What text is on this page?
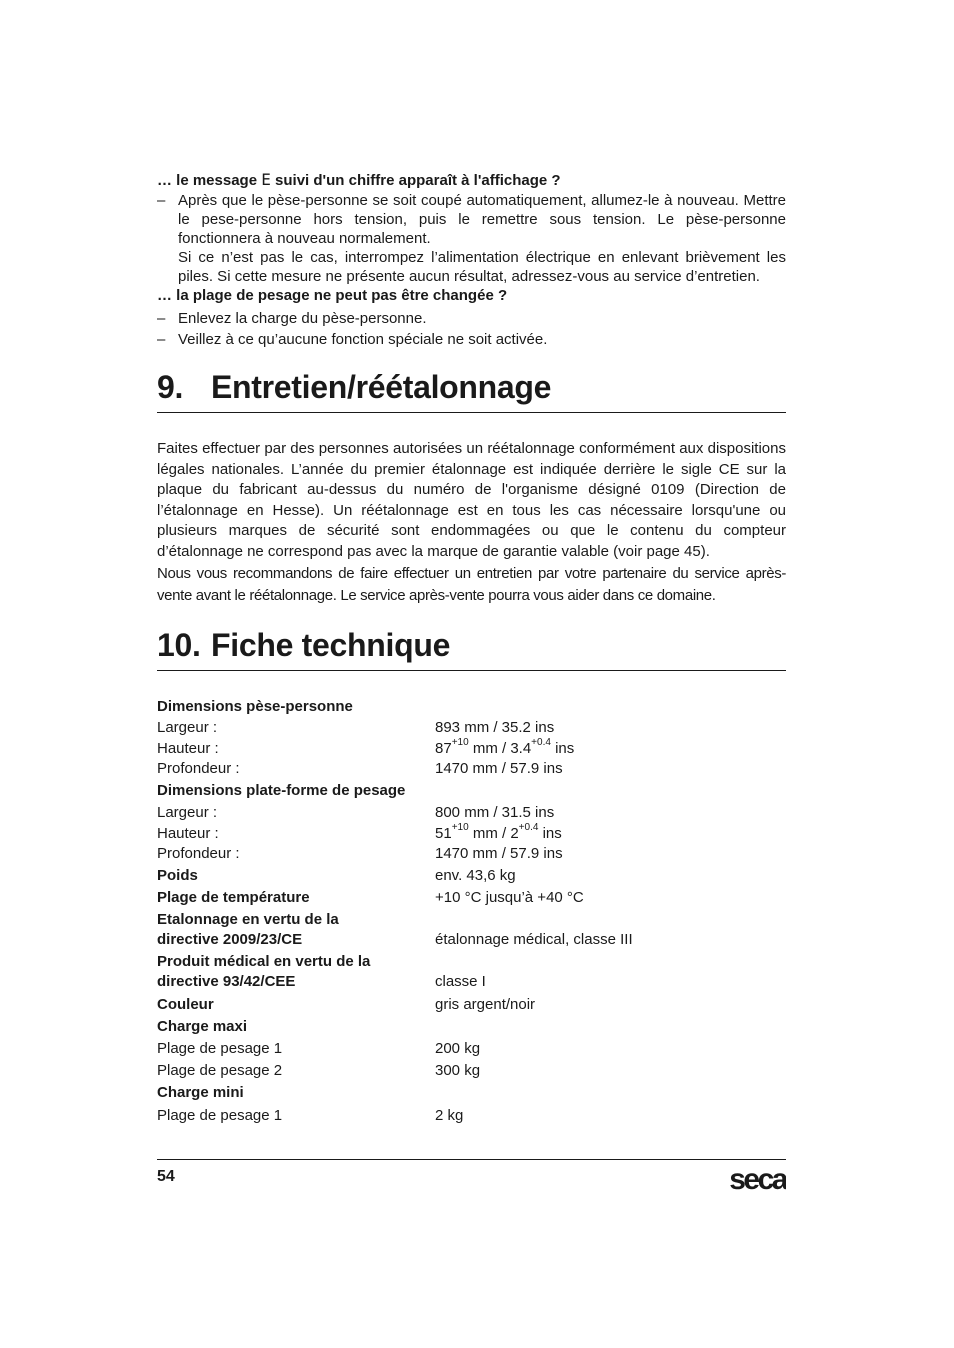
… le message E suivi d'un chiffre apparaît à l'affichage ?

– Après que le pèse-personne se soit coupé automatiquement, allumez-le à nouveau. Mettre le pese-personne hors tension, puis le remettre sous tension. Le pèse-personne fonctionnera à nouveau normalement.
Si ce n’est pas le cas, interrompez l’alimentation électrique en enlevant brièvement les piles. Si cette mesure ne présente aucun résultat, adressez-vous au service d’entretien.

… la plage de pesage ne peut pas être changée ?

– Enlevez la charge du pèse-personne.
– Veillez à ce qu’aucune fonction spéciale ne soit activée.
9. Entretien/réétalonnage

Faites effectuer par des personnes autorisées un réétalonnage conformément aux dispositions légales nationales. L’année du premier étalonnage est indiquée derrière le sigle CE sur la plaque du fabricant au-dessus du numéro de l'organisme désigné 0109 (Direction de l’étalonnage en Hesse). Un réétalonnage est en tous les cas nécessaire lorsqu'une ou plusieurs marques de sécurité sont endommagées ou que le contenu du compteur d’étalonnage ne correspond pas avec la marque de garantie valable (voir page 45).

Nous vous recommandons de faire effectuer un entretien par votre partenaire du service après-vente avant le réétalonnage. Le service après-vente pourra vous aider dans ce domaine.

10. Fiche technique
Dimensions pèse-personne	
Largeur :	893 mm / 35.2 ins
Hauteur :	$87^{+10}$ mm / $3.4^{+0.4}$ ins
Profondeur :	1470 mm / 57.9 ins
Dimensions plate-forme de pesage	
Largeur :	800 mm / 31.5 ins
Hauteur :	$51^{+10}$ mm / $2^{+0.4}$ ins
Profondeur :	1470 mm / 57.9 ins
Poids	env. 43,6 kg
Plage de température	+10 °C jusqu’à +40 °C

Etalonnage en vertu de la
directive 2009/23/CE	étalonnage médical, classe III

Produit médical en vertu de la
directive 93/42/CEE	classe I
Couleur	gris argent/noir
Charge maxi	
Plage de pesage 1	200 kg
Plage de pesage 2	300 kg
Charge mini	
Plage de pesage 1	2 kg
54	seca
